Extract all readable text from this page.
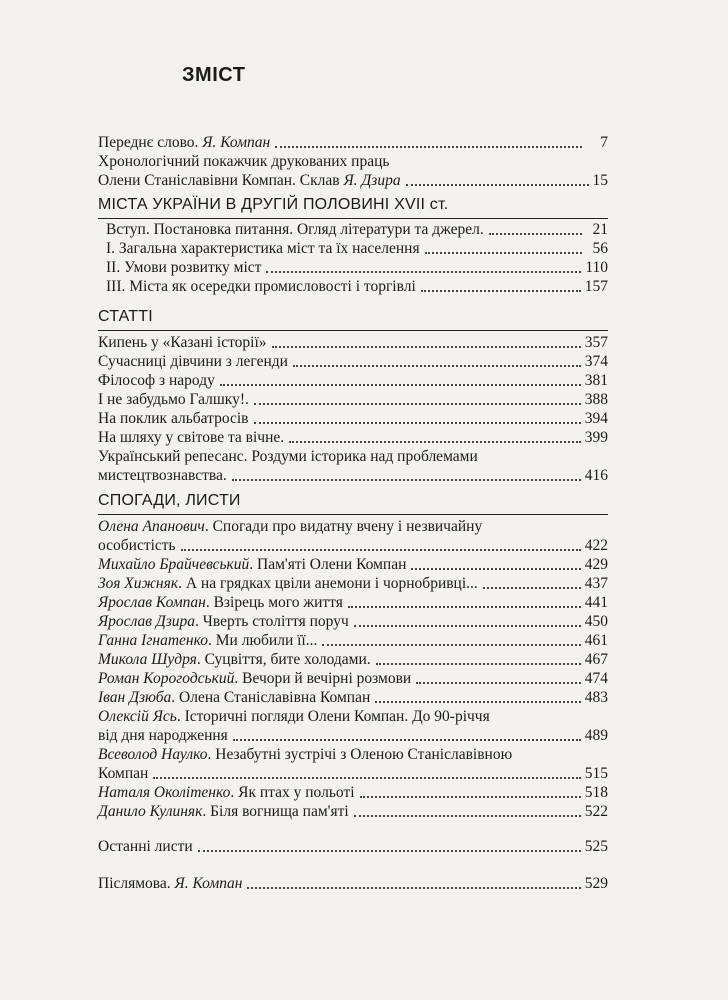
ЗМІСТ
Переднє слово. Я. Компан	7
Хронологічний покажчик друкованих праць
Олени Станіславівни Компан. Склав Я. Дзира	15
МІСТА УКРАЇНИ В ДРУГІЙ ПОЛОВИНІ XVII ст.
Вступ. Постановка питання. Огляд літератури та джерел.	21
І. Загальна характеристика міст та їх населення	56
ІІ. Умови розвитку міст	110
ІІІ. Міста як осередки промисловості і торгівлі	157
СТАТТІ
Кипень у «Казані історії»	357
Сучасниці дівчини з легенди	374
Філософ з народу	381
І не забудьмо Галшку!.	388
На поклик альбатросів	394
На шляху у світове та вічне.	399
Український репесанс. Роздуми історика над проблемами
мистецтвознавства.	416
СПОГАДИ, ЛИСТИ
Олена Апанович. Спогади про видатну вчену і незвичайну
особистість	422
Михайло Брайчевський. Пам'яті Олени Компан	429
Зоя Хижняк. А на грядках цвіли анемони і чорнобривці...	437
Ярослав Компан. Взірець мого життя	441
Ярослав Дзира. Чверть століття поруч	450
Ганна Ігнатенко. Ми любили її...	461
Микола Шудря. Суцвіття, бите холодами.	467
Роман Корогодський. Вечори й вечірні розмови	474
Іван Дзюба. Олена Станіславівна Компан	483
Олексій Ясь. Історичні погляди Олени Компан. До 90-річчя
від дня народження	489
Всеволод Наулко. Незабутні зустрічі з Оленою Станіславівною
Компан	515
Наталя Околітенко. Як птах у польоті	518
Данило Кулиняк. Біля вогнища пам'яті	522
Останні листи	525
Післямова. Я. Компан	529
